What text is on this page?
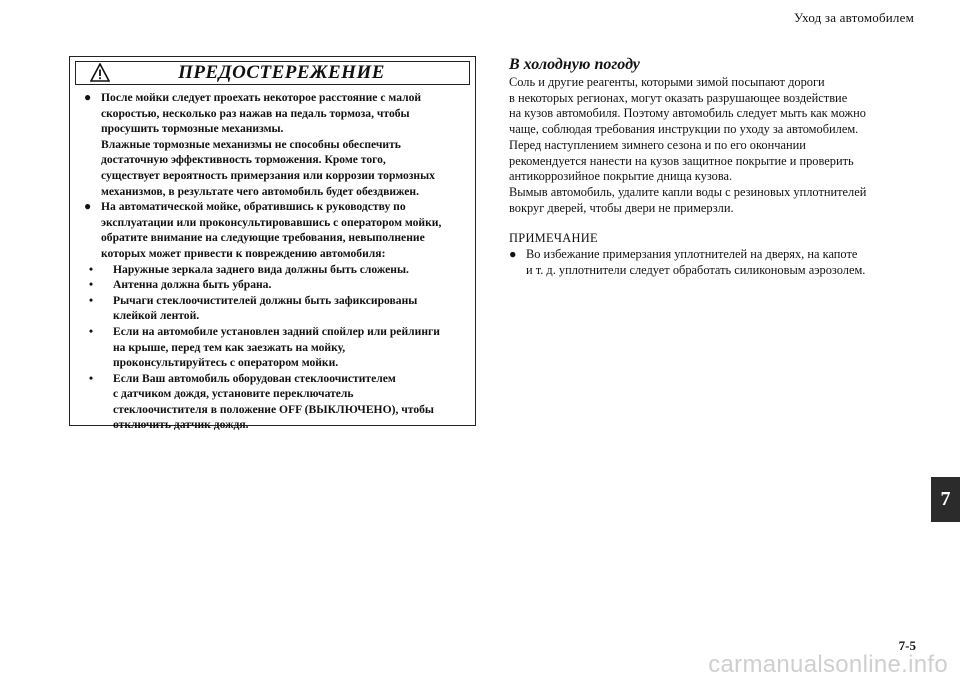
Уход за автомобилем
ПРЕДОСТЕРЕЖЕНИЕ
● После мойки следует проехать некоторое расстояние с малой

скоростью, несколько раз нажав на педаль тормоза, чтобы

просушить тормозные механизмы.

Влажные тормозные механизмы не способны обеспечить

достаточную эффективность торможения. Кроме того,

существует вероятность примерзания или коррозии тормозных

механизмов, в результате чего автомобиль будет обездвижен.

● На автоматической мойке, обратившись к руководству по

эксплуатации или проконсультировавшись с оператором мойки,

обратите внимание на следующие требования, невыполнение

которых может привести к повреждению автомобиля:

•	Наружные зеркала заднего вида должны быть сложены.

•	Антенна должна быть убрана.

•	Рычаги стеклоочистителей должны быть зафиксированы

клейкой лентой.

•	Если на автомобиле установлен задний спойлер или рейлинги

на крыше, перед тем как заезжать на мойку,

проконсультируйтесь с оператором мойки.

•	Если Ваш автомобиль оборудован стеклоочистителем

с датчиком дождя, установите переключатель

стеклоочистителя в положение OFF (ВЫКЛЮЧЕНО), чтобы

отключить датчик дождя.

В холодную погоду

Соль и другие реагенты, которыми зимой посыпают дороги

в некоторых регионах, могут оказать разрушающее воздействие

на кузов автомобиля. Поэтому автомобиль следует мыть как можно

чаще, соблюдая требования инструкции по уходу за автомобилем.

Перед наступлением зимнего сезона и по его окончании

рекомендуется нанести на кузов защитное покрытие и проверить

антикоррозийное покрытие днища кузова.

Вымыв автомобиль, удалите капли воды с резиновых уплотнителей

вокруг дверей, чтобы двери не примерзли.

ПРИМЕЧАНИЕ

● Во избежание примерзания уплотнителей на дверях, на капоте

и т. д. уплотнители следует обработать силиконовым аэрозолем.

7
7-5
carmanualsonline.info
